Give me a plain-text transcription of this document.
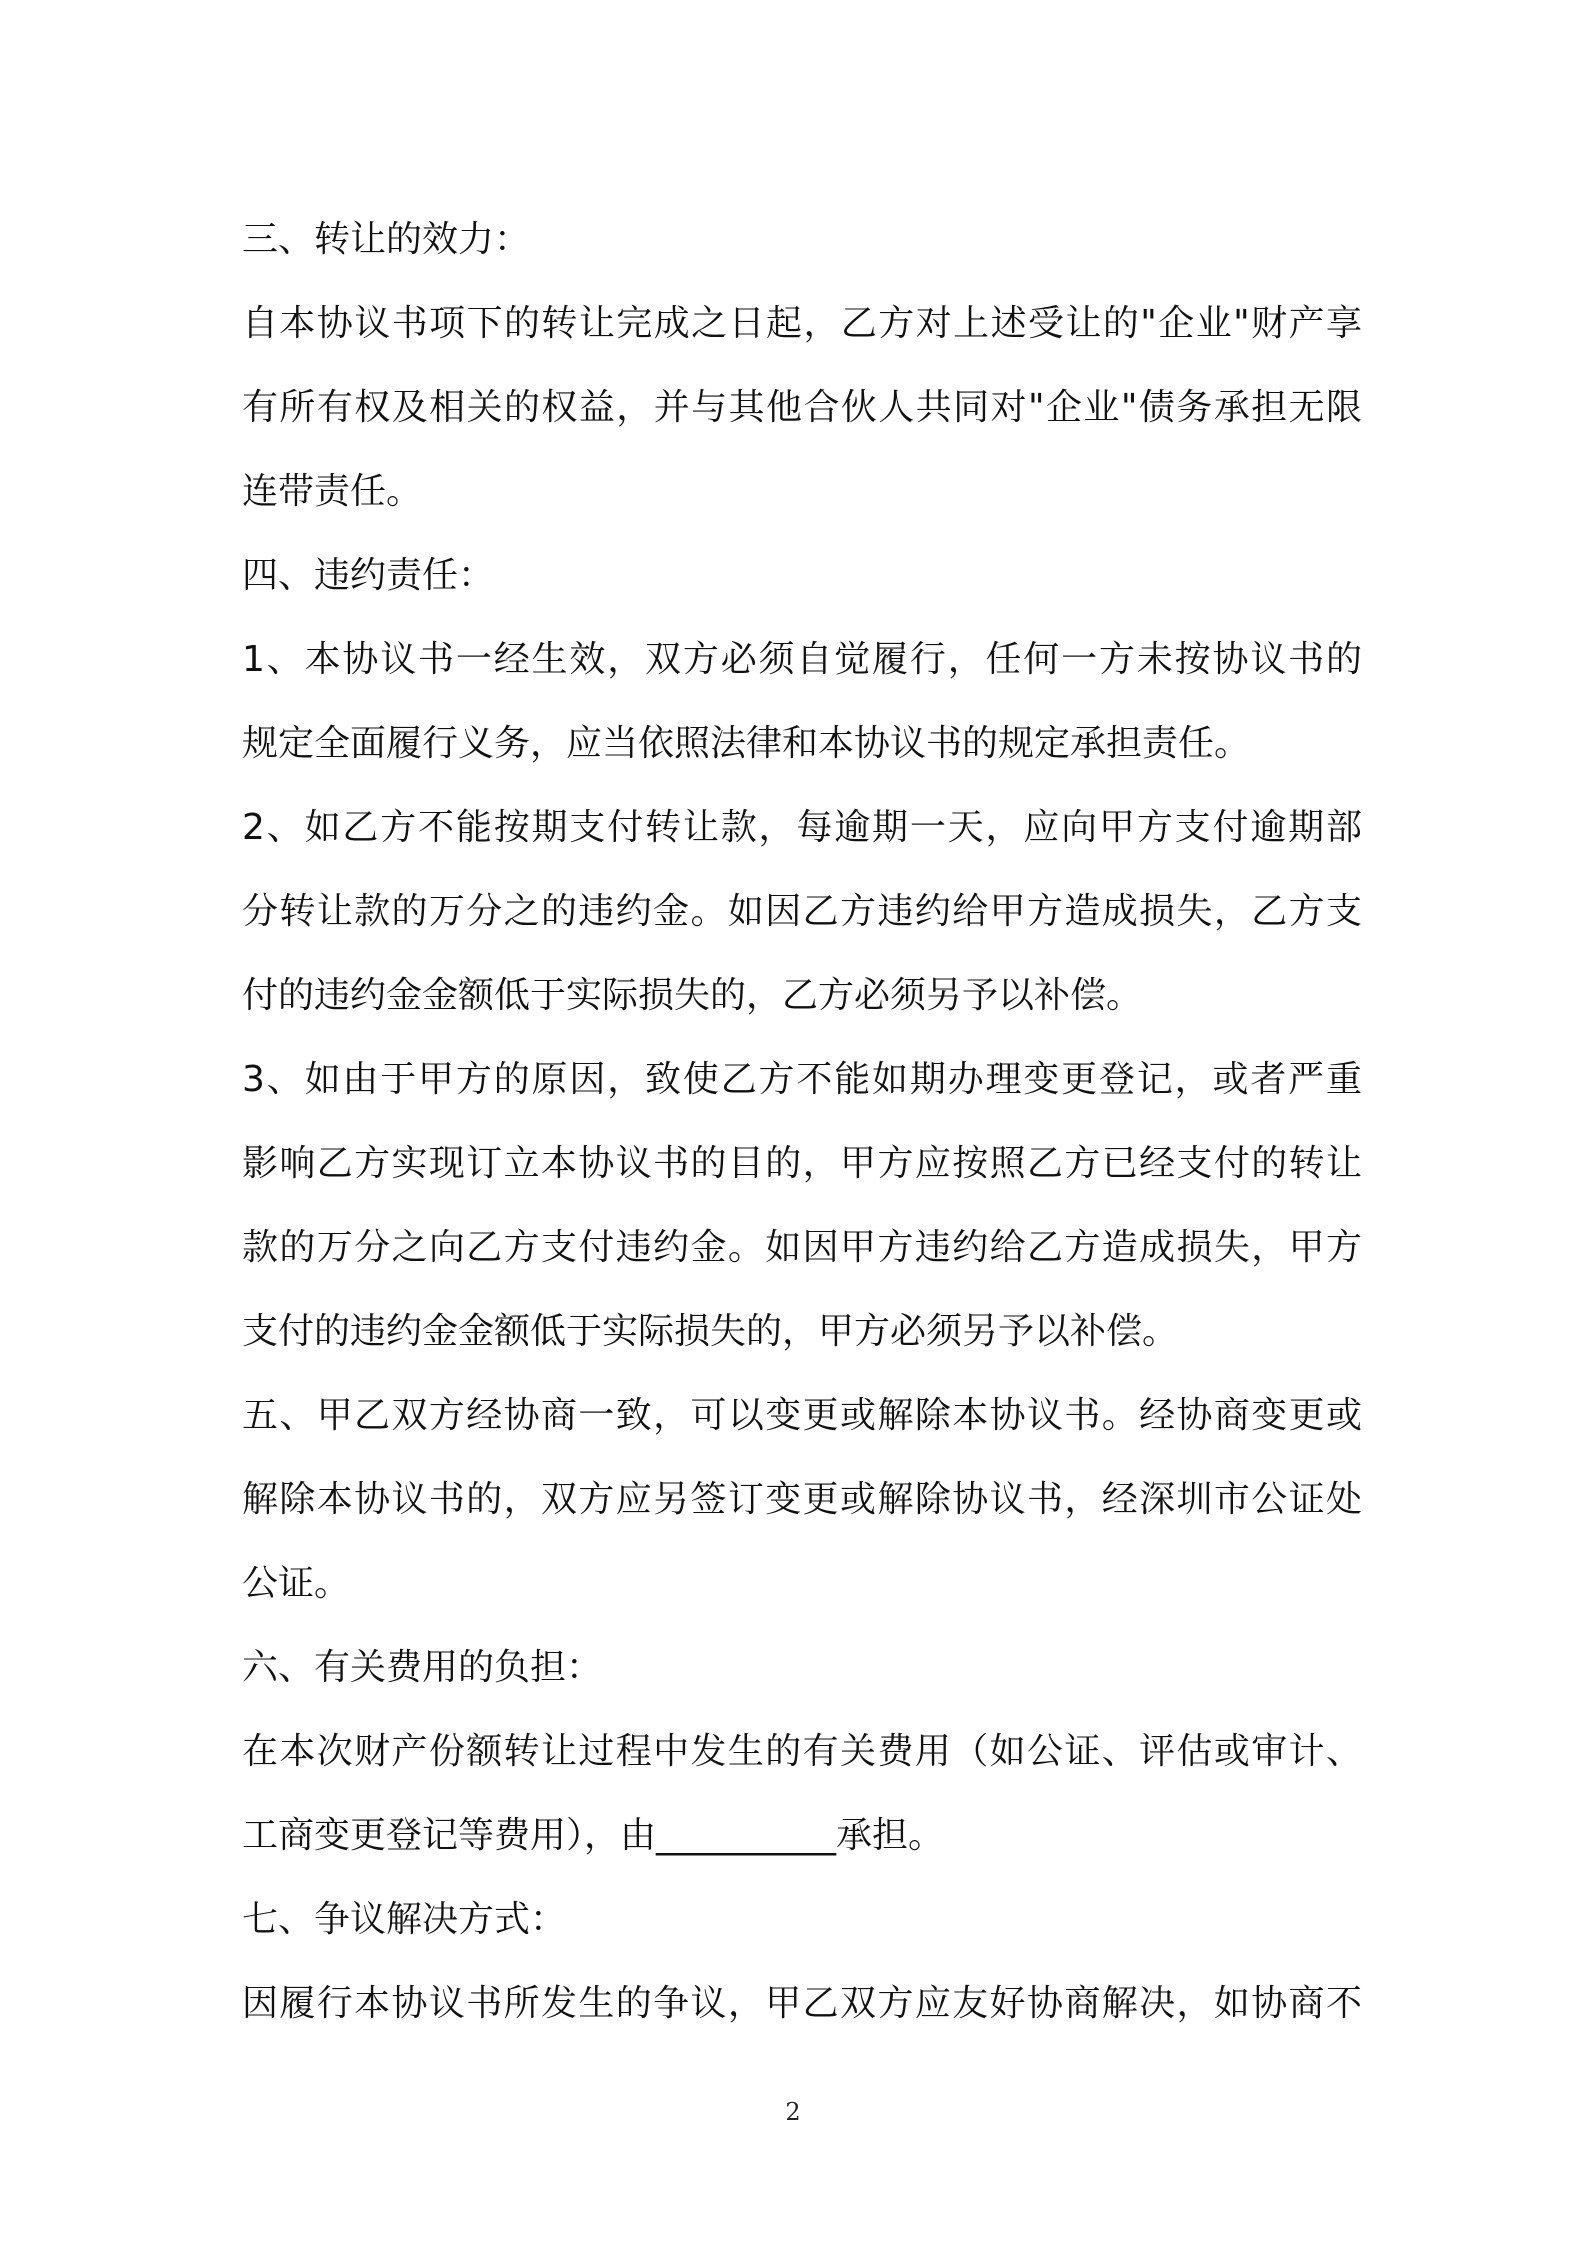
三、转让的效力：
自本协议书项下的转让完成之日起，乙方对上述受让的"企业"财产享
有所有权及相关的权益，并与其他合伙人共同对"企业"债务承担无限
连带责任。
四、违约责任：
1、本协议书一经生效，双方必须自觉履行，任何一方未按协议书的
规定全面履行义务，应当依照法律和本协议书的规定承担责任。
2、如乙方不能按期支付转让款，每逾期一天，应向甲方支付逾期部
分转让款的万分之的违约金。如因乙方违约给甲方造成损失，乙方支
付的违约金金额低于实际损失的，乙方必须另予以补偿。
3、如由于甲方的原因，致使乙方不能如期办理变更登记，或者严重
影响乙方实现订立本协议书的目的，甲方应按照乙方已经支付的转让
款的万分之向乙方支付违约金。如因甲方违约给乙方造成损失，甲方
支付的违约金金额低于实际损失的，甲方必须另予以补偿。
五、甲乙双方经协商一致，可以变更或解除本协议书。经协商变更或
解除本协议书的，双方应另签订变更或解除协议书，经深圳市公证处
公证。
六、有关费用的负担：
在本次财产份额转让过程中发生的有关费用（如公证、评估或审计、
工商变更登记等费用），由__________承担。
七、争议解决方式：
因履行本协议书所发生的争议，甲乙双方应友好协商解决，如协商不
2
